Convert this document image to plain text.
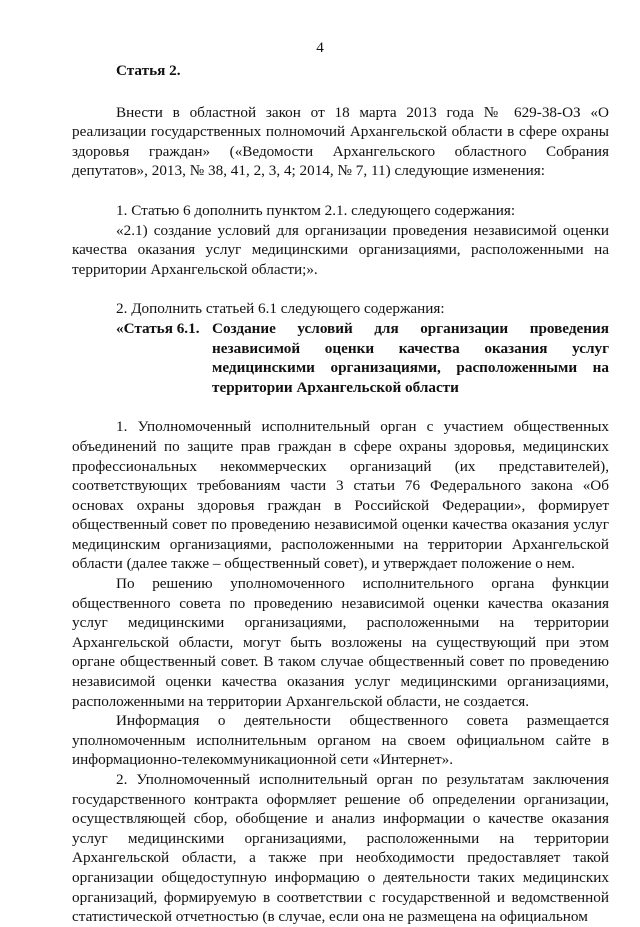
4
Статья 2.

Внести в областной закон от 18 марта 2013 года № 629-38-ОЗ «О реализации государственных полномочий Архангельской области в сфере охраны здоровья граждан» («Ведомости Архангельского областного Собрания депутатов», 2013, № 38, 41, 2, 3, 4; 2014, № 7, 11) следующие изменения:

1. Статью 6 дополнить пунктом 2.1. следующего содержания:

«2.1) создание условий для организации проведения независимой оценки качества оказания услуг медицинскими организациями, расположенными на территории Архангельской области;».

2. Дополнить статьей 6.1 следующего содержания:

«Статья 6.1. Создание условий для организации проведения независимой оценки качества оказания услуг медицинскими организациями, расположенными на территории Архангельской области

1. Уполномоченный исполнительный орган с участием общественных объединений по защите прав граждан в сфере охраны здоровья, медицинских профессиональных некоммерческих организаций (их представителей), соответствующих требованиям части 3 статьи 76 Федерального закона «Об основах охраны здоровья граждан в Российской Федерации», формирует общественный совет по проведению независимой оценки качества оказания услуг медицинским организациями, расположенными на территории Архангельской области (далее также – общественный совет), и утверждает положение о нем.

По решению уполномоченного исполнительного органа функции общественного совета по проведению независимой оценки качества оказания услуг медицинскими организациями, расположенными на территории Архангельской области, могут быть возложены на существующий при этом органе общественный совет. В таком случае общественный совет по проведению независимой оценки качества оказания услуг медицинскими организациями, расположенными на территории Архангельской области, не создается.

Информация о деятельности общественного совета размещается уполномоченным исполнительным органом на своем официальном сайте в информационно-телекоммуникационной сети «Интернет».

2. Уполномоченный исполнительный орган по результатам заключения государственного контракта оформляет решение об определении организации, осуществляющей сбор, обобщение и анализ информации о качестве оказания услуг медицинскими организациями, расположенными на территории Архангельской области, а также при необходимости предоставляет такой организации общедоступную информацию о деятельности таких медицинских организаций, формируемую в соответствии с государственной и ведомственной статистической отчетностью (в случае, если она не размещена на официальном
